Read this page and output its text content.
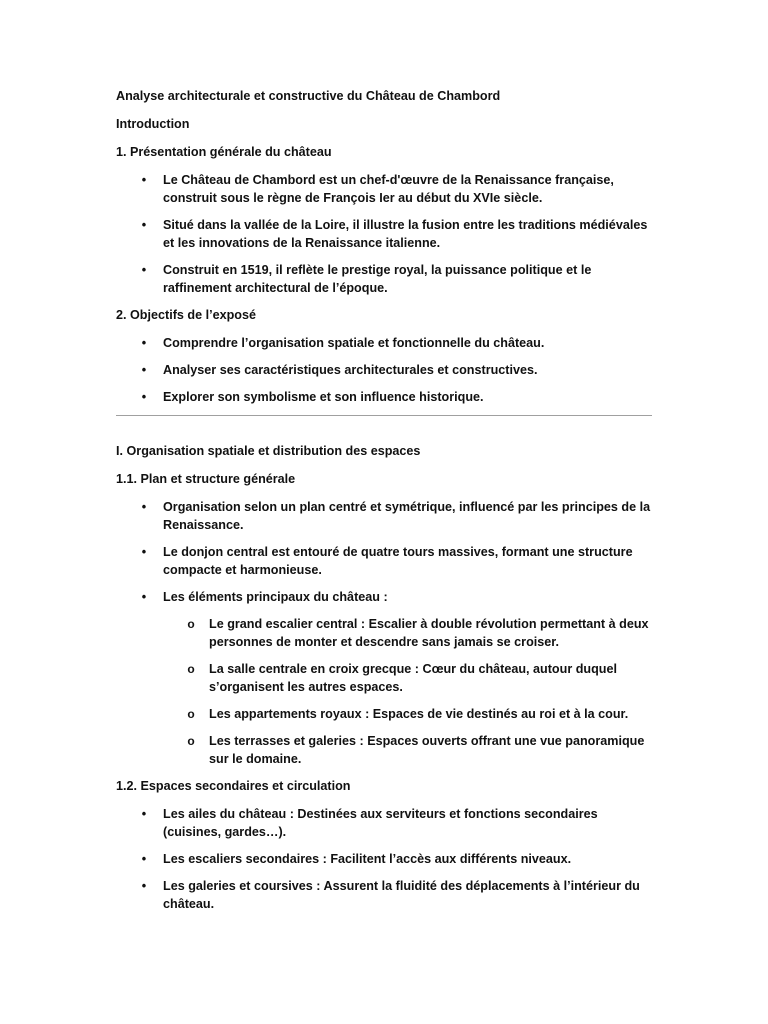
Analyse architecturale et constructive du Château de Chambord
Introduction
1. Présentation générale du château
• Le Château de Chambord est un chef-d'œuvre de la Renaissance française, construit sous le règne de François Ier au début du XVIe siècle.
• Situé dans la vallée de la Loire, il illustre la fusion entre les traditions médiévales et les innovations de la Renaissance italienne.
• Construit en 1519, il reflète le prestige royal, la puissance politique et le raffinement architectural de l’époque.
2. Objectifs de l’exposé
• Comprendre l’organisation spatiale et fonctionnelle du château.
• Analyser ses caractéristiques architecturales et constructives.
• Explorer son symbolisme et son influence historique.
I. Organisation spatiale et distribution des espaces
1.1. Plan et structure générale
• Organisation selon un plan centré et symétrique, influencé par les principes de la Renaissance.
• Le donjon central est entouré de quatre tours massives, formant une structure compacte et harmonieuse.
• Les éléments principaux du château :
o Le grand escalier central : Escalier à double révolution permettant à deux personnes de monter et descendre sans jamais se croiser.
o La salle centrale en croix grecque : Cœur du château, autour duquel s’organisent les autres espaces.
o Les appartements royaux : Espaces de vie destinés au roi et à la cour.
o Les terrasses et galeries : Espaces ouverts offrant une vue panoramique sur le domaine.
1.2. Espaces secondaires et circulation
• Les ailes du château : Destinées aux serviteurs et fonctions secondaires (cuisines, gardes…).
• Les escaliers secondaires : Facilitent l’accès aux différents niveaux.
• Les galeries et coursives : Assurent la fluidité des déplacements à l’intérieur du château.
